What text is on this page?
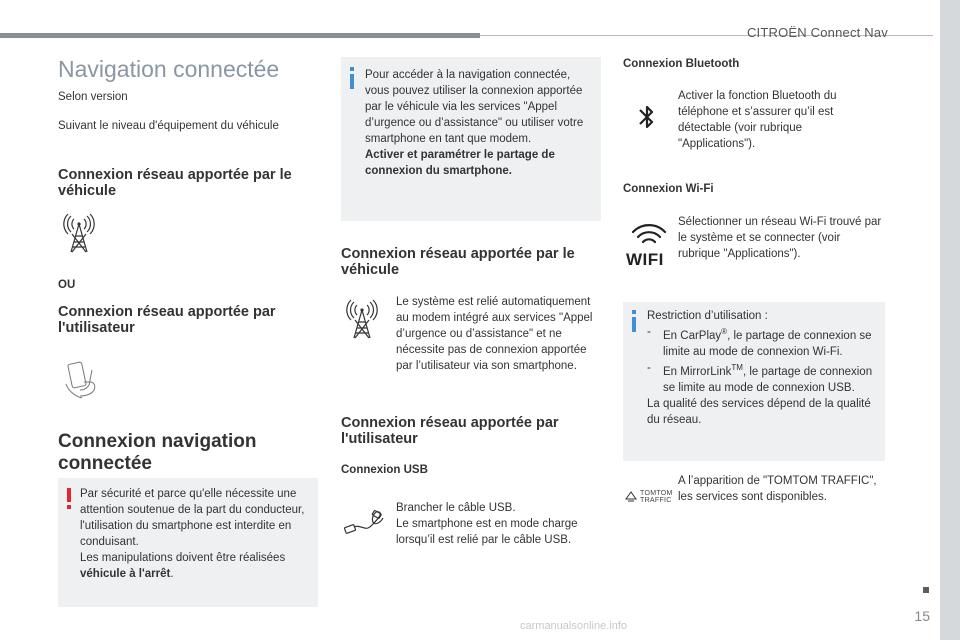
CITROËN Connect Nav
15
Navigation connectée
Selon version
Suivant le niveau d'équipement du véhicule
Connexion réseau apportée par le véhicule
OU
Connexion réseau apportée par l'utilisateur
Connexion navigation connectée
Par sécurité et parce qu'elle nécessite une attention soutenue de la part du conducteur, l'utilisation du smartphone est interdite en conduisant.
Les manipulations doivent être réalisées véhicule à l'arrêt.
Pour accéder à la navigation connectée, vous pouvez utiliser la connexion apportée par le véhicule via les services "Appel d’urgence ou d’assistance" ou utiliser votre smartphone en tant que modem.
Activer et paramétrer le partage de connexion du smartphone.
Connexion réseau apportée par le véhicule
Le système est relié automatiquement au modem intégré aux services "Appel d’urgence ou d’assistance" et ne nécessite pas de connexion apportée par l’utilisateur via son smartphone.
Connexion réseau apportée par l'utilisateur
Connexion USB
Brancher le câble USB.
Le smartphone est en mode charge lorsqu’il est relié par le câble USB.
Connexion Bluetooth
Activer la fonction Bluetooth du téléphone et s’assurer qu’il est détectable (voir rubrique "Applications").
Connexion Wi-Fi
WIFI
Sélectionner un réseau Wi-Fi trouvé par le système et se connecter (voir rubrique "Applications").
Restriction d’utilisation :
-	En CarPlay®, le partage de connexion se limite au mode de connexion Wi-Fi.
-	En MirrorLink™, le partage de connexion se limite au mode de connexion USB.
La qualité des services dépend de la qualité du réseau.
TOMTOM
TRAFFIC
A l’apparition de "TOMTOM TRAFFIC", les services sont disponibles.
carmanualsonline.info
